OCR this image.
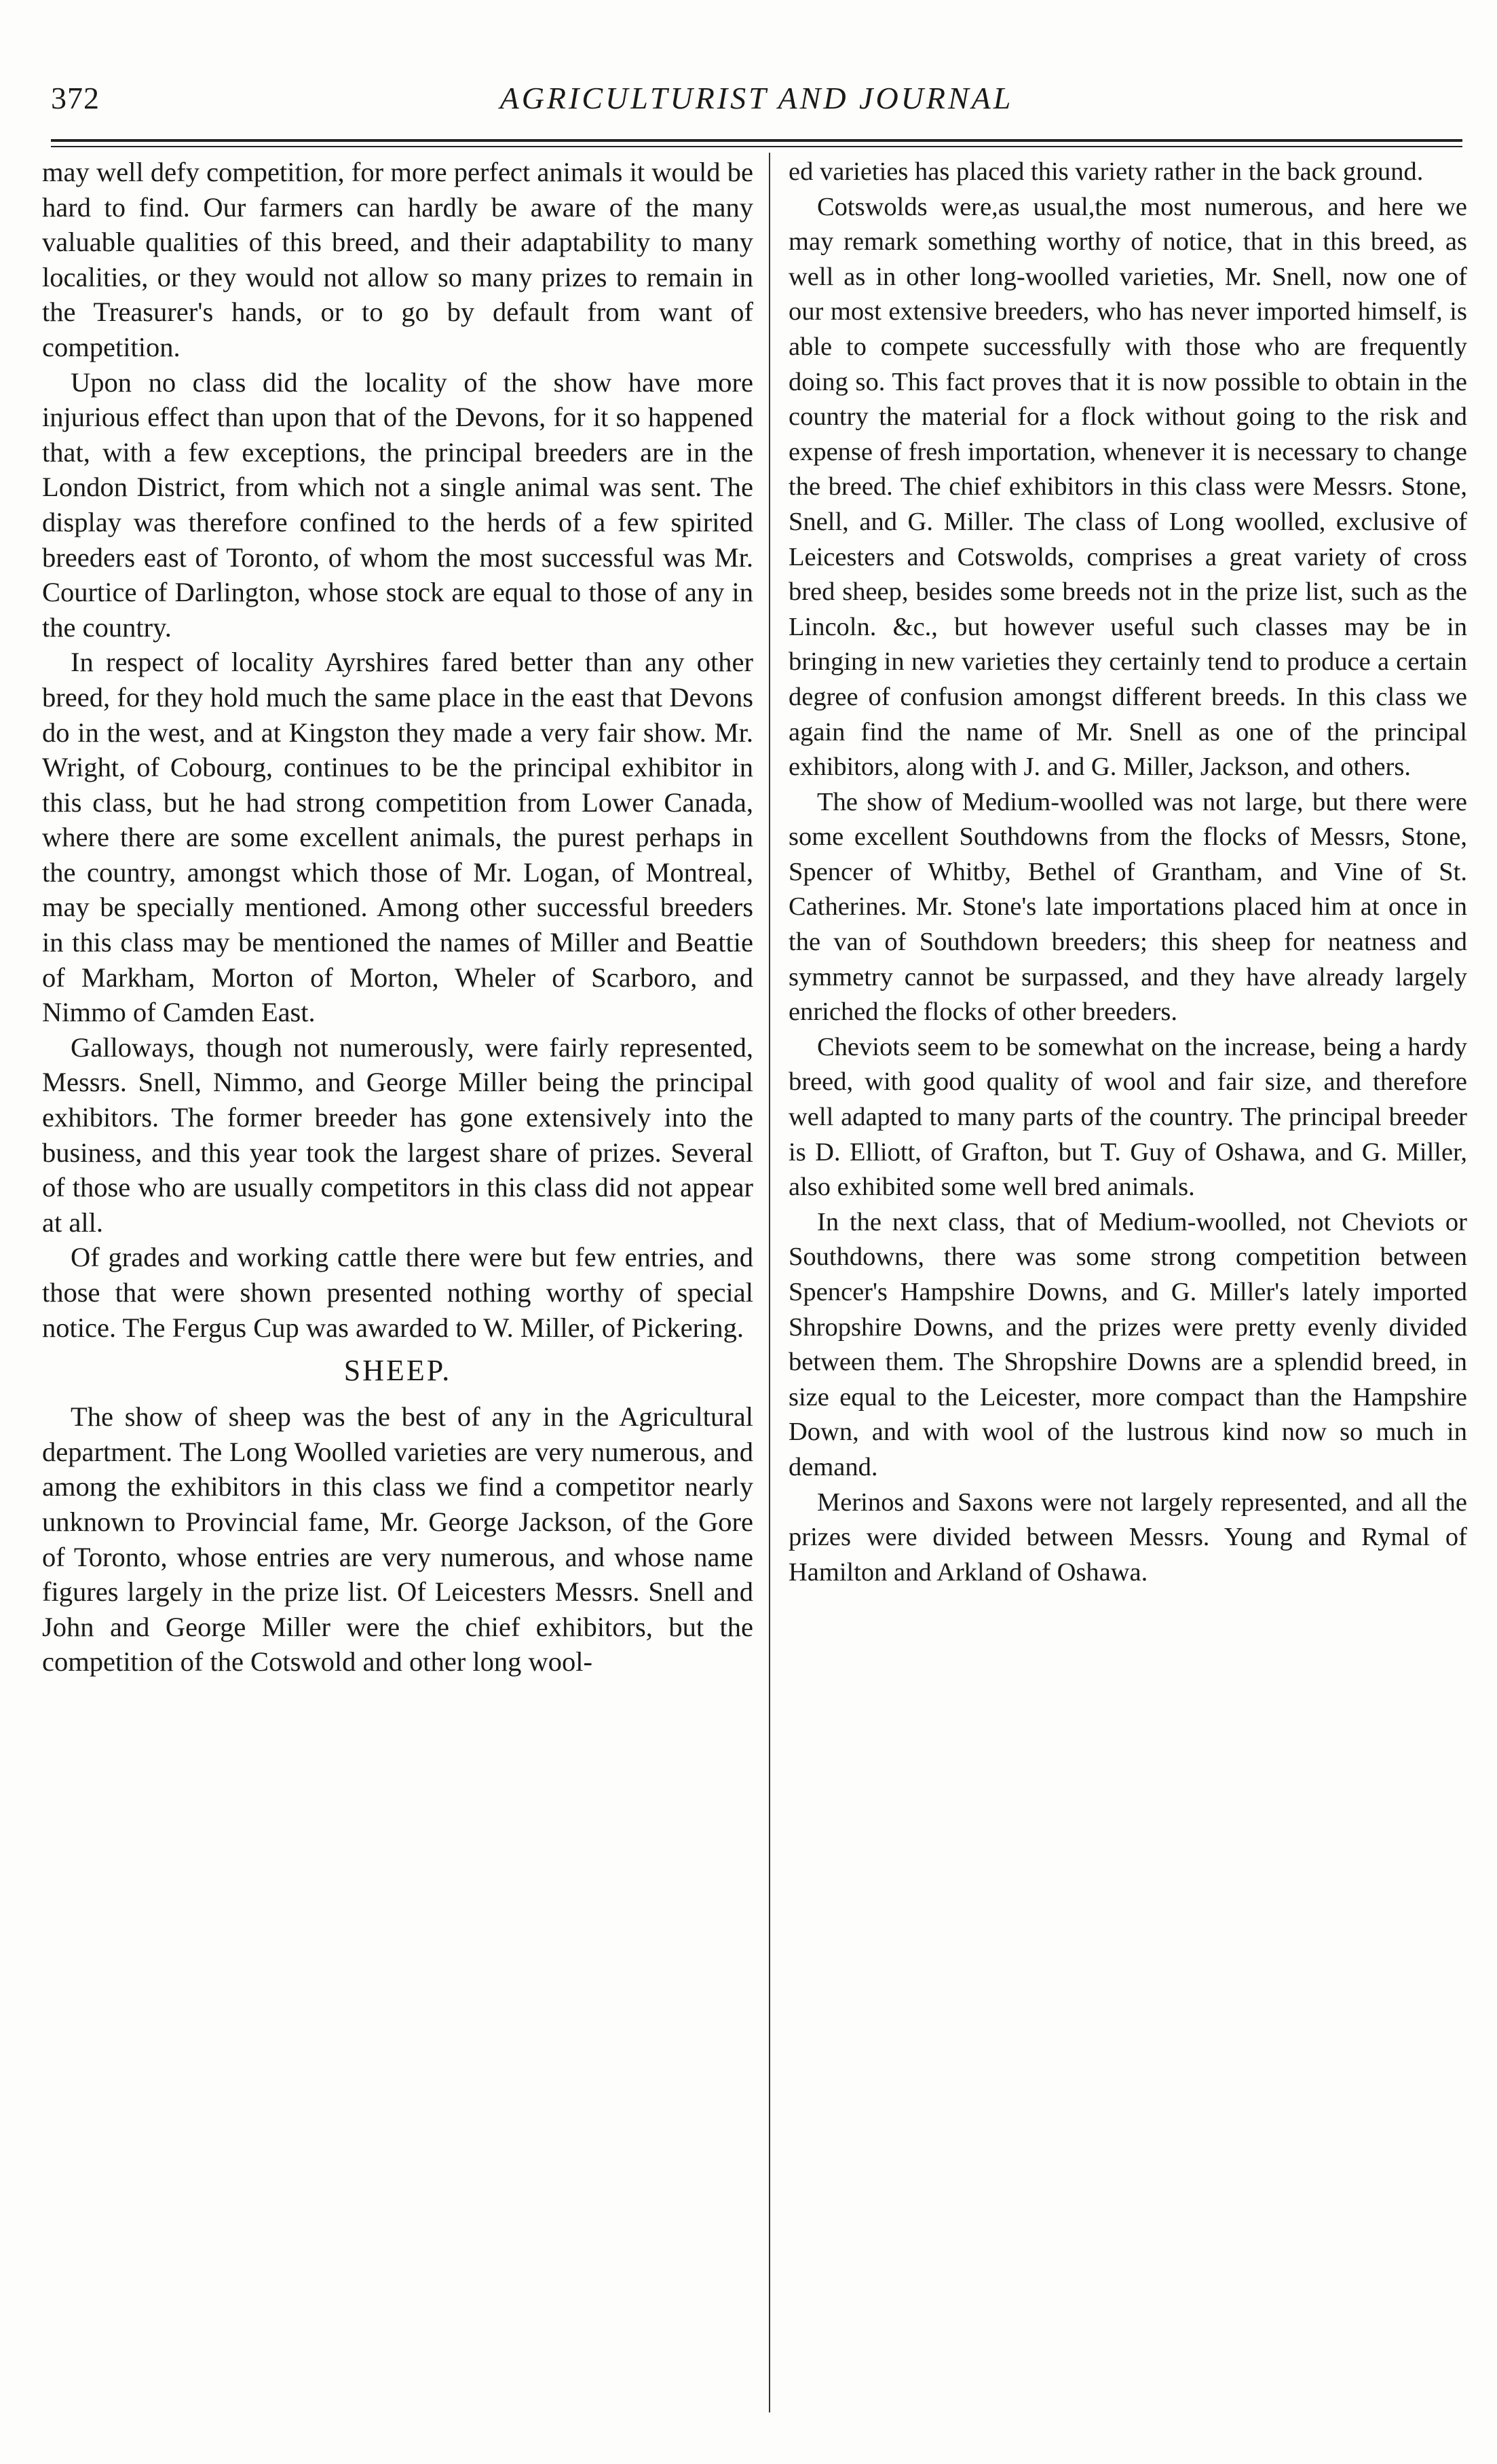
372	AGRICULTURIST AND JOURNAL

may well defy competition, for more perfect animals it would be hard to find. Our farmers can hardly be aware of the many valuable qualities of this breed, and their adaptability to many localities, or they would not allow so many prizes to remain in the Treasurer's hands, or to go by default from want of competition.

Upon no class did the locality of the show have more injurious effect than upon that of the Devons, for it so happened that, with a few exceptions, the principal breeders are in the London District, from which not a single animal was sent. The display was therefore confined to the herds of a few spirited breeders east of Toronto, of whom the most successful was Mr. Courtice of Darlington, whose stock are equal to those of any in the country.

In respect of locality Ayrshires fared better than any other breed, for they hold much the same place in the east that Devons do in the west, and at Kingston they made a very fair show. Mr. Wright, of Cobourg, continues to be the principal exhibitor in this class, but he had strong competition from Lower Canada, where there are some excellent animals, the purest perhaps in the country, amongst which those of Mr. Logan, of Montreal, may be specially mentioned. Among other successful breeders in this class may be mentioned the names of Miller and Beattie of Markham, Morton of Morton, Wheler of Scarboro, and Nimmo of Camden East.

Galloways, though not numerously, were fairly represented, Messrs. Snell, Nimmo, and George Miller being the principal exhibitors. The former breeder has gone extensively into the business, and this year took the largest share of prizes. Several of those who are usually competitors in this class did not appear at all.

Of grades and working cattle there were but few entries, and those that were shown presented nothing worthy of special notice. The Fergus Cup was awarded to W. Miller, of Pickering.

SHEEP.

The show of sheep was the best of any in the Agricultural department. The Long Woolled varieties are very numerous, and among the exhibitors in this class we find a competitor nearly unknown to Provincial fame, Mr. George Jackson, of the Gore of Toronto, whose entries are very numerous, and whose name figures largely in the prize list. Of Leicesters Messrs. Snell and John and George Miller were the chief exhibitors, but the competition of the Cotswold and other long wool-

ed varieties has placed this variety rather in the back ground.

Cotswolds were,as usual,the most numerous, and here we may remark something worthy of notice, that in this breed, as well as in other long-woolled varieties, Mr. Snell, now one of our most extensive breeders, who has never imported himself, is able to compete successfully with those who are frequently doing so. This fact proves that it is now possible to obtain in the country the material for a flock without going to the risk and expense of fresh importation, whenever it is necessary to change the breed. The chief exhibitors in this class were Messrs. Stone, Snell, and G. Miller. The class of Long woolled, exclusive of Leicesters and Cotswolds, comprises a great variety of cross bred sheep, besides some breeds not in the prize list, such as the Lincoln. &c., but however useful such classes may be in bringing in new varieties they certainly tend to produce a certain degree of confusion amongst different breeds. In this class we again find the name of Mr. Snell as one of the principal exhibitors, along with J. and G. Miller, Jackson, and others.

The show of Medium-woolled was not large, but there were some excellent Southdowns from the flocks of Messrs, Stone, Spencer of Whitby, Bethel of Grantham, and Vine of St. Catherines. Mr. Stone's late importations placed him at once in the van of Southdown breeders; this sheep for neatness and symmetry cannot be surpassed, and they have already largely enriched the flocks of other breeders.

Cheviots seem to be somewhat on the increase, being a hardy breed, with good quality of wool and fair size, and therefore well adapted to many parts of the country. The principal breeder is D. Elliott, of Grafton, but T. Guy of Oshawa, and G. Miller, also exhibited some well bred animals.

In the next class, that of Medium-woolled, not Cheviots or Southdowns, there was some strong competition between Spencer's Hampshire Downs, and G. Miller's lately imported Shropshire Downs, and the prizes were pretty evenly divided between them. The Shropshire Downs are a splendid breed, in size equal to the Leicester, more compact than the Hampshire Down, and with wool of the lustrous kind now so much in demand.

Merinos and Saxons were not largely represented, and all the prizes were divided between Messrs. Young and Rymal of Hamilton and Arkland of Oshawa.
